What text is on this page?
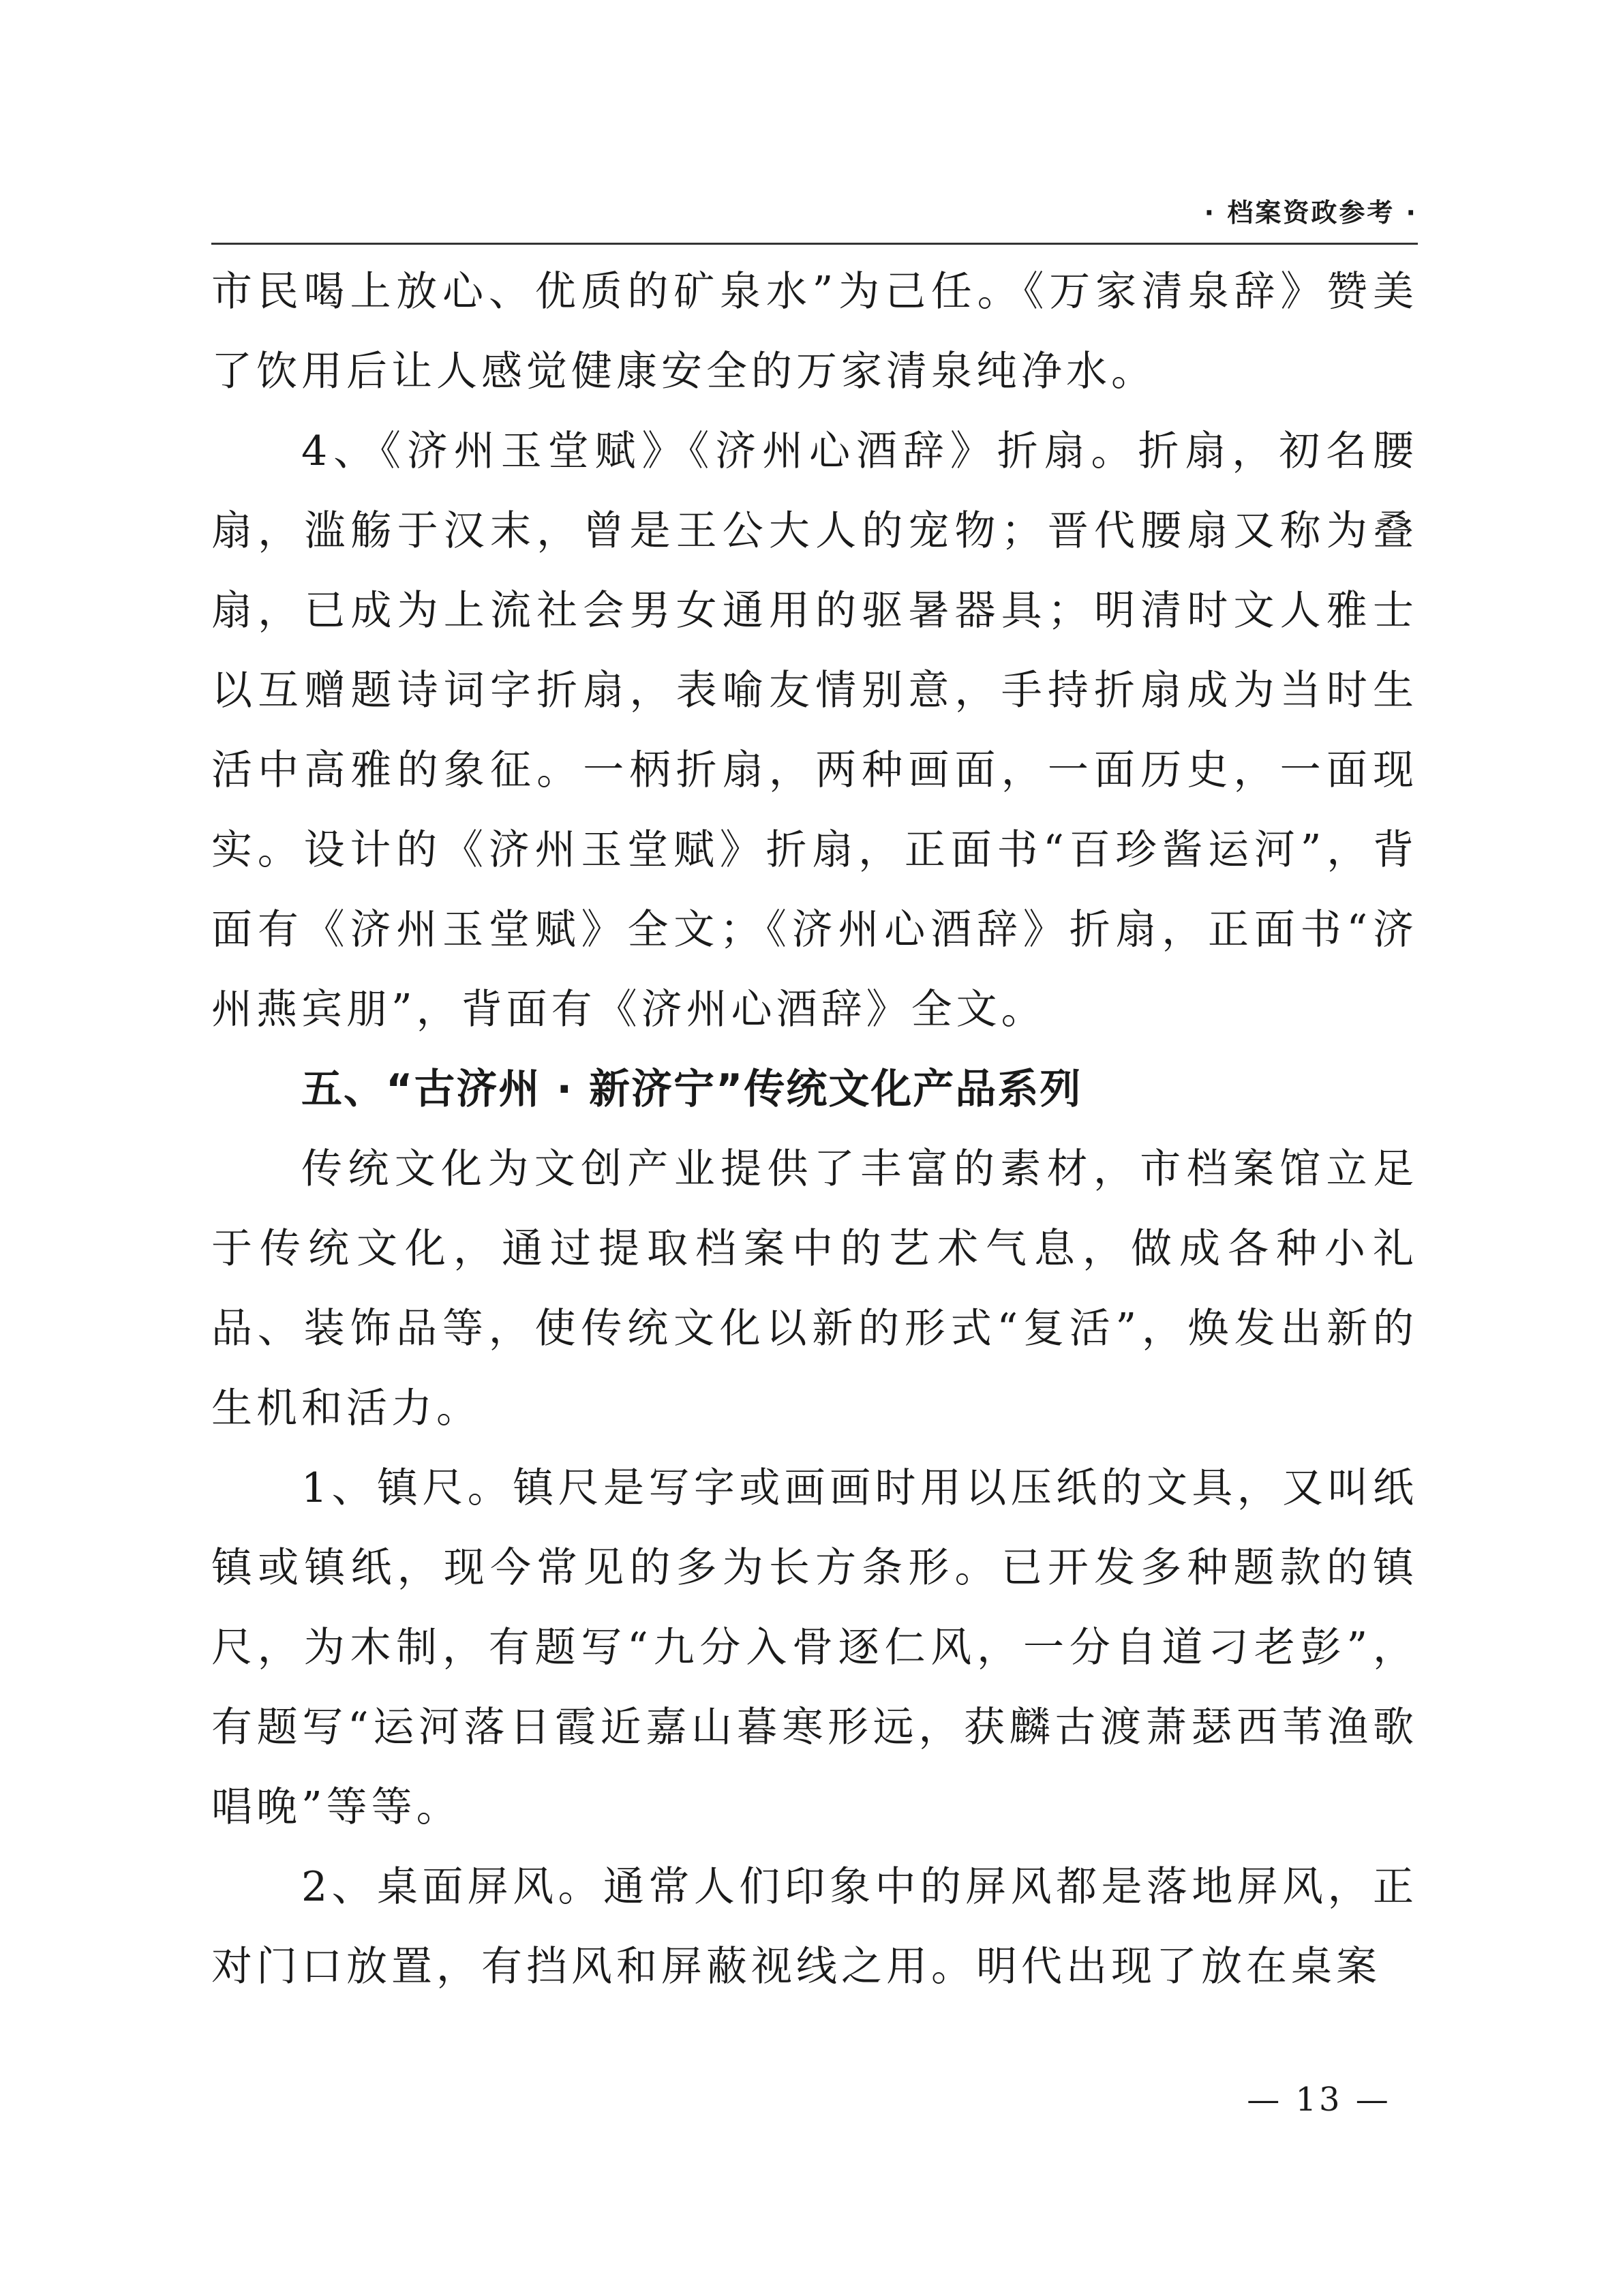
· 档案资政参考 ·

市民喝上放心、优质的矿泉水”为己任。《万家清泉辞》赞美了饮用后让人感觉健康安全的万家清泉纯净水。

4、《济州玉堂赋》《济州心酒辞》折扇。折扇，初名腰扇，滥觞于汉末，曾是王公大人的宠物；晋代腰扇又称为叠扇，已成为上流社会男女通用的驱暑器具；明清时文人雅士以互赠题诗词字折扇，表喻友情别意，手持折扇成为当时生活中高雅的象征。一柄折扇，两种画面，一面历史，一面现实。设计的《济州玉堂赋》折扇，正面书“百珍酱运河”，背面有《济州玉堂赋》全文；《济州心酒辞》折扇，正面书“济州燕宾朋”，背面有《济州心酒辞》全文。

五、“古济州 · 新济宁”传统文化产品系列

传统文化为文创产业提供了丰富的素材，市档案馆立足于传统文化，通过提取档案中的艺术气息，做成各种小礼品、装饰品等，使传统文化以新的形式“复活”，焕发出新的生机和活力。

1、镇尺。镇尺是写字或画画时用以压纸的文具，又叫纸镇或镇纸，现今常见的多为长方条形。已开发多种题款的镇尺，为木制，有题写“九分入骨逐仁风，一分自道刁老彭”，有题写“运河落日霞近嘉山暮寒形远，获麟古渡萧瑟西苇渔歌唱晚”等等。

2、桌面屏风。通常人们印象中的屏风都是落地屏风，正对门口放置，有挡风和屏蔽视线之用。明代出现了放在桌案

— 13 —
